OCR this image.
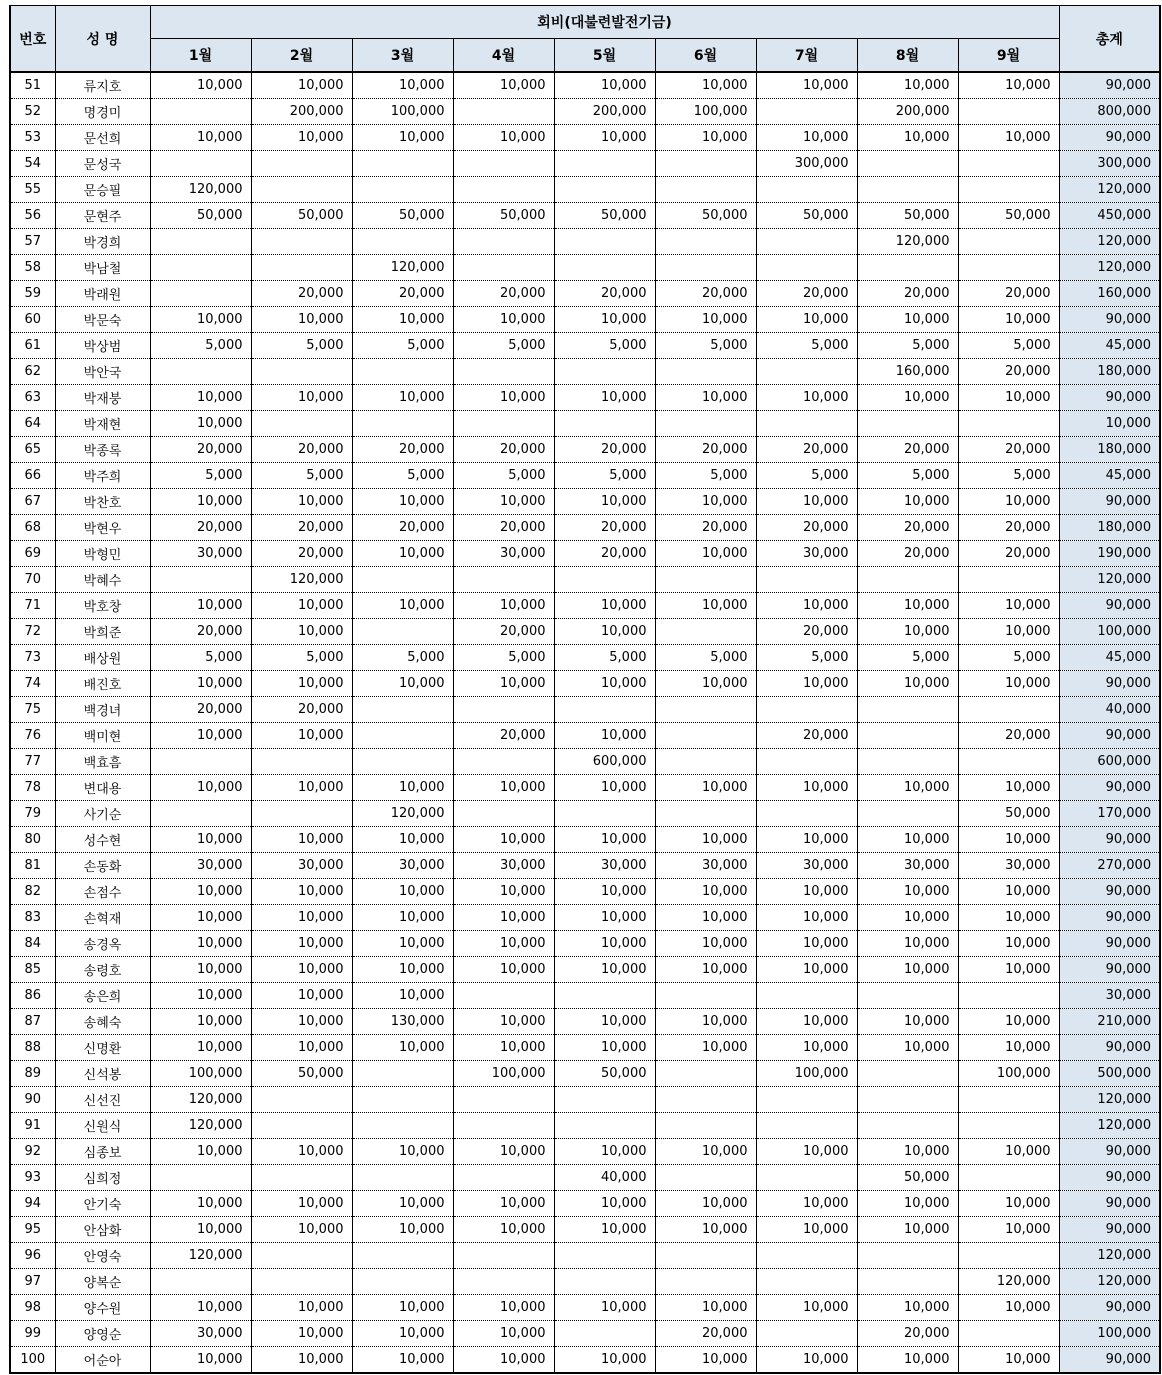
번호	성 명	회비(대불련발전기금)									총계
		1월	2월	3월	4월	5월	6월	7월	8월	9월	
51	류지호	10,000	10,000	10,000	10,000	10,000	10,000	10,000	10,000	10,000	90,000
52	명경미		200,000	100,000		200,000	100,000		200,000		800,000
53	문선희	10,000	10,000	10,000	10,000	10,000	10,000	10,000	10,000	10,000	90,000
54	문성국							300,000			300,000
55	문승필	120,000									120,000
56	문현주	50,000	50,000	50,000	50,000	50,000	50,000	50,000	50,000	50,000	450,000
57	박경희								120,000		120,000
58	박남철			120,000							120,000
59	박래원		20,000	20,000	20,000	20,000	20,000	20,000	20,000	20,000	160,000
60	박문숙	10,000	10,000	10,000	10,000	10,000	10,000	10,000	10,000	10,000	90,000
61	박상범	5,000	5,000	5,000	5,000	5,000	5,000	5,000	5,000	5,000	45,000
62	박안국								160,000	20,000	180,000
63	박재붕	10,000	10,000	10,000	10,000	10,000	10,000	10,000	10,000	10,000	90,000
64	박재현	10,000									10,000
65	박종록	20,000	20,000	20,000	20,000	20,000	20,000	20,000	20,000	20,000	180,000
66	박주희	5,000	5,000	5,000	5,000	5,000	5,000	5,000	5,000	5,000	45,000
67	박찬호	10,000	10,000	10,000	10,000	10,000	10,000	10,000	10,000	10,000	90,000
68	박현우	20,000	20,000	20,000	20,000	20,000	20,000	20,000	20,000	20,000	180,000
69	박형민	30,000	20,000	10,000	30,000	20,000	10,000	30,000	20,000	20,000	190,000
70	박혜수		120,000								120,000
71	박호창	10,000	10,000	10,000	10,000	10,000	10,000	10,000	10,000	10,000	90,000
72	박희준	20,000	10,000		20,000	10,000		20,000	10,000	10,000	100,000
73	배상원	5,000	5,000	5,000	5,000	5,000	5,000	5,000	5,000	5,000	45,000
74	배진호	10,000	10,000	10,000	10,000	10,000	10,000	10,000	10,000	10,000	90,000
75	백경녀	20,000	20,000								40,000
76	백미현	10,000	10,000		20,000	10,000		20,000		20,000	90,000
77	백효흠					600,000					600,000
78	변대용	10,000	10,000	10,000	10,000	10,000	10,000	10,000	10,000	10,000	90,000
79	사기순			120,000						50,000	170,000
80	성수현	10,000	10,000	10,000	10,000	10,000	10,000	10,000	10,000	10,000	90,000
81	손동화	30,000	30,000	30,000	30,000	30,000	30,000	30,000	30,000	30,000	270,000
82	손점수	10,000	10,000	10,000	10,000	10,000	10,000	10,000	10,000	10,000	90,000
83	손혁재	10,000	10,000	10,000	10,000	10,000	10,000	10,000	10,000	10,000	90,000
84	송경옥	10,000	10,000	10,000	10,000	10,000	10,000	10,000	10,000	10,000	90,000
85	송령호	10,000	10,000	10,000	10,000	10,000	10,000	10,000	10,000	10,000	90,000
86	송은희	10,000	10,000	10,000							30,000
87	송혜숙	10,000	10,000	130,000	10,000	10,000	10,000	10,000	10,000	10,000	210,000
88	신명환	10,000	10,000	10,000	10,000	10,000	10,000	10,000	10,000	10,000	90,000
89	신석봉	100,000	50,000		100,000	50,000		100,000		100,000	500,000
90	신선진	120,000									120,000
91	신원식	120,000									120,000
92	심종보	10,000	10,000	10,000	10,000	10,000	10,000	10,000	10,000	10,000	90,000
93	심희정					40,000			50,000		90,000
94	안기숙	10,000	10,000	10,000	10,000	10,000	10,000	10,000	10,000	10,000	90,000
95	안삼화	10,000	10,000	10,000	10,000	10,000	10,000	10,000	10,000	10,000	90,000
96	안영숙	120,000									120,000
97	양복순									120,000	120,000
98	양수원	10,000	10,000	10,000	10,000	10,000	10,000	10,000	10,000	10,000	90,000
99	양영순	30,000	10,000	10,000	10,000		20,000		20,000		100,000
100	어순아	10,000	10,000	10,000	10,000	10,000	10,000	10,000	10,000	10,000	90,000
